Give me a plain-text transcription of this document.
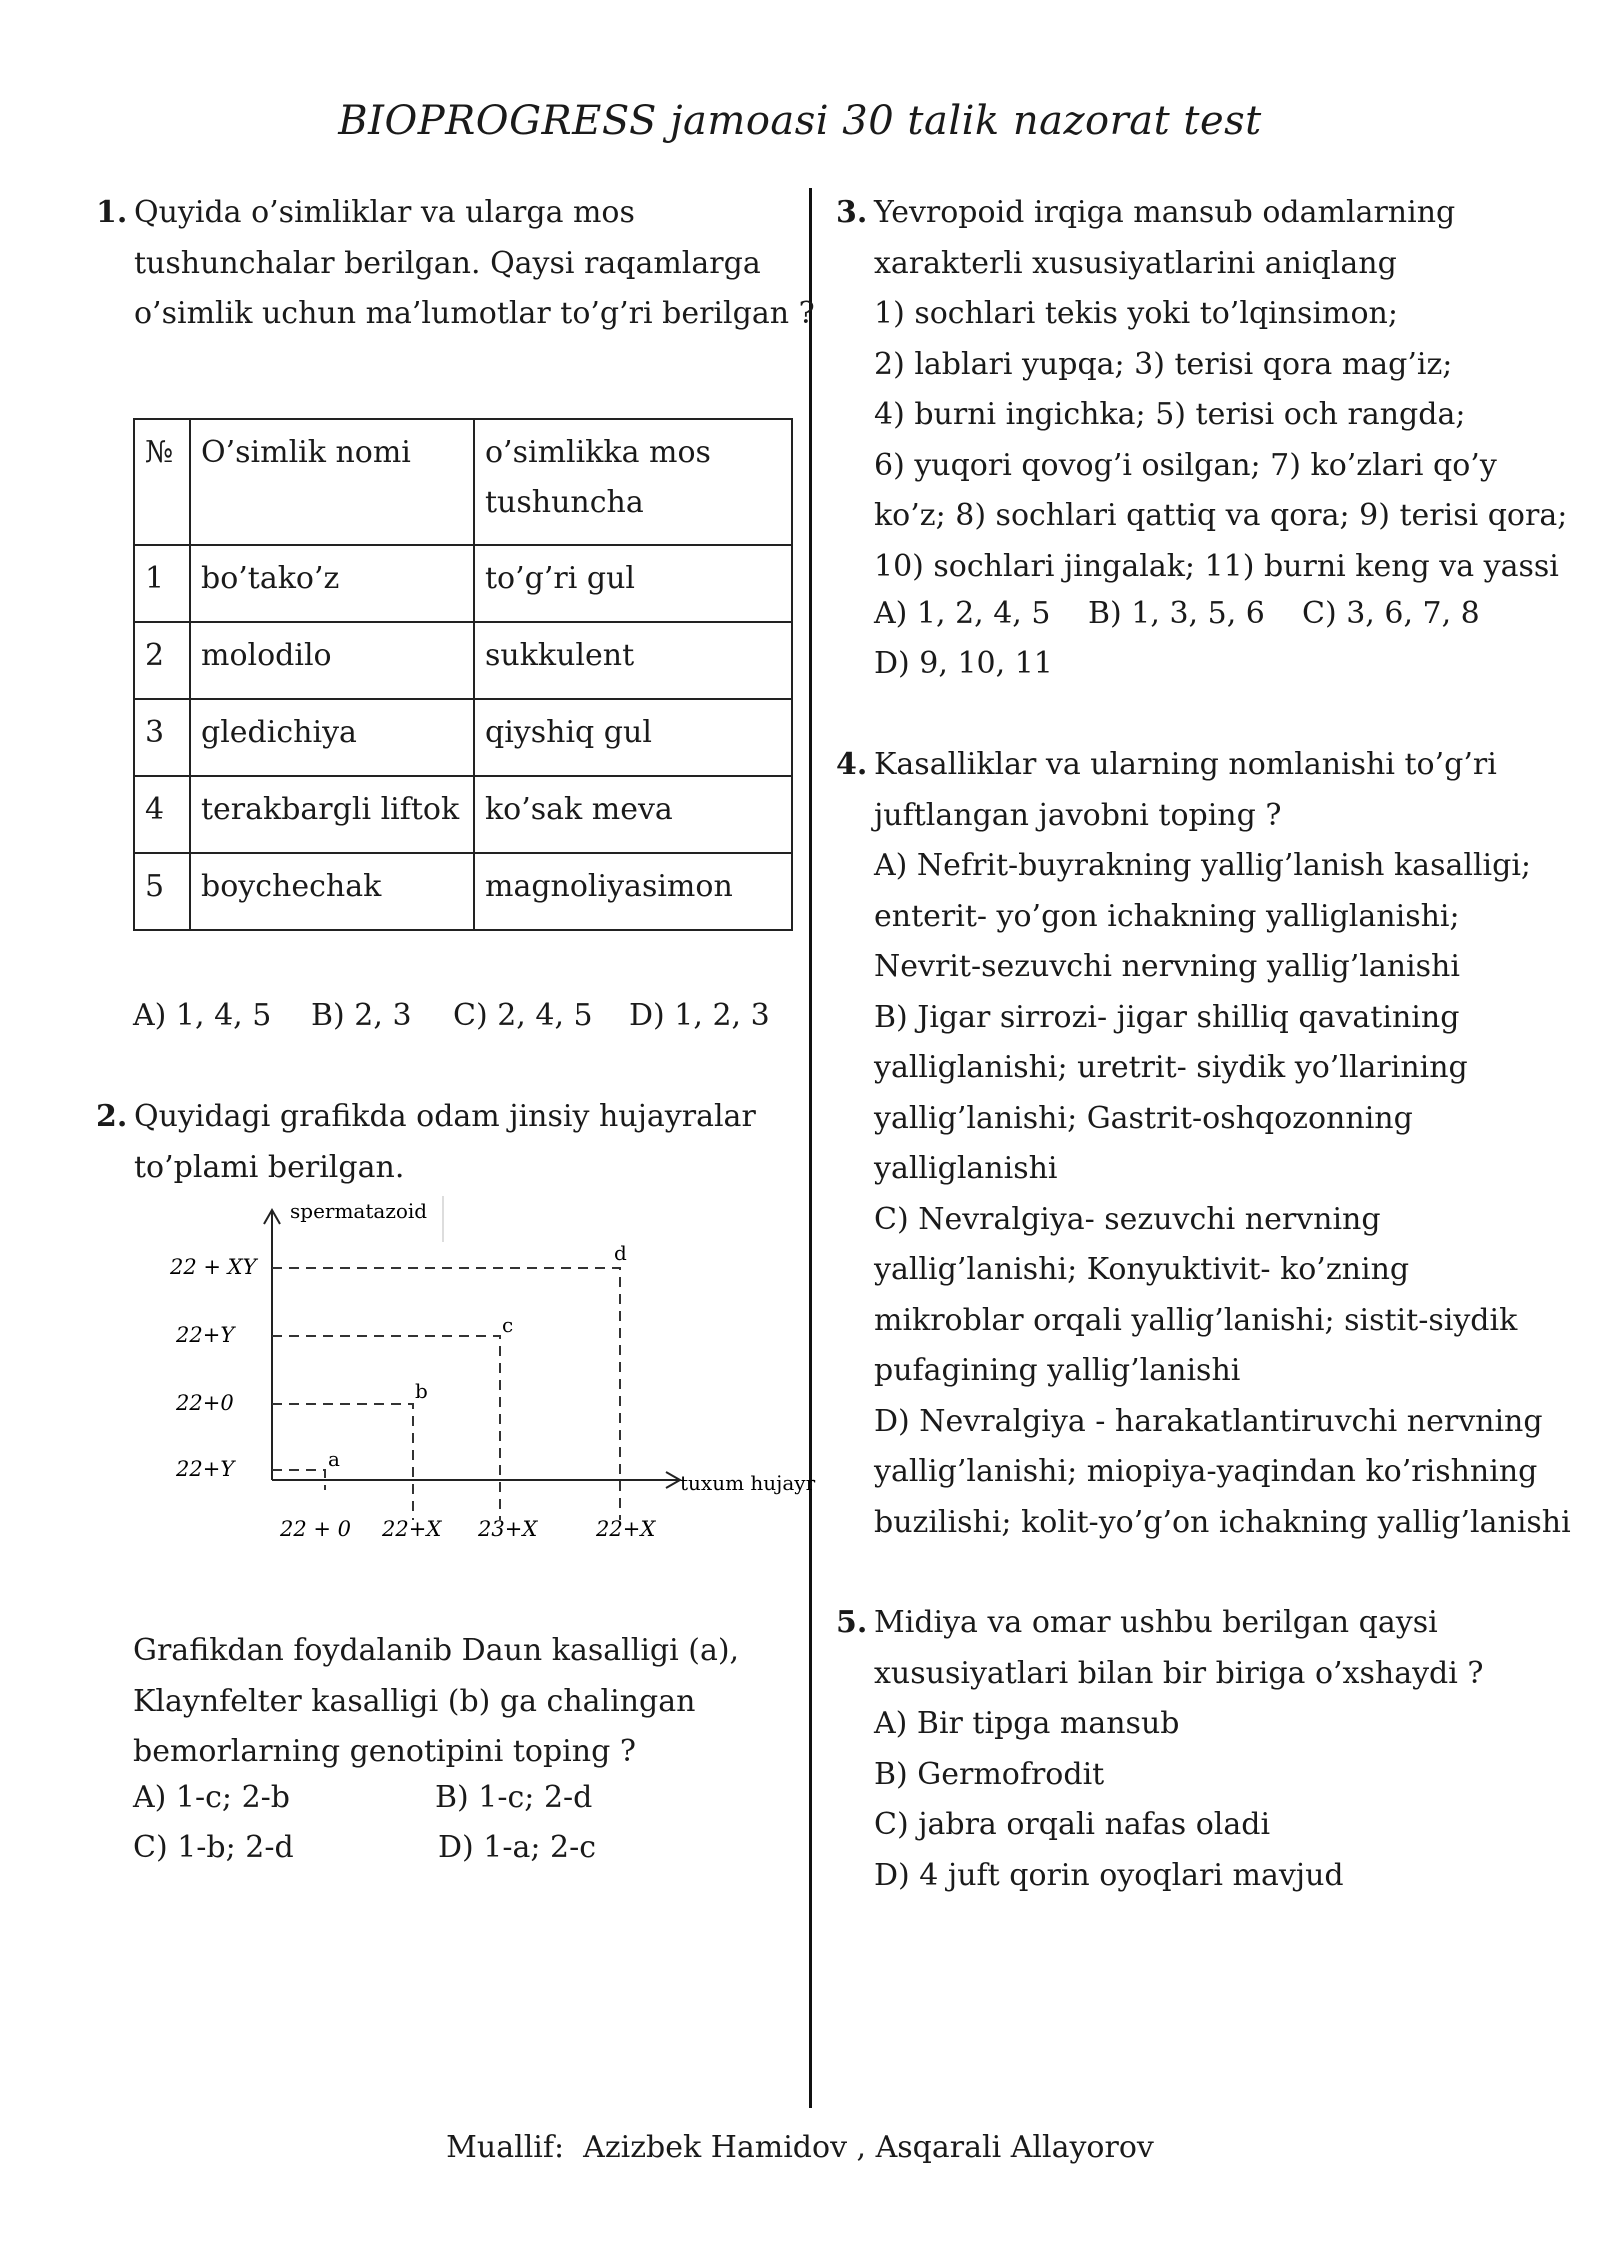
BIOPROGRESS jamoasi 30 talik nazorat test
1. Quyida o’simliklar va ularga mos
tushunchalar berilgan. Qaysi raqamlarga
o’simlik uchun ma’lumotlar to’g’ri berilgan ?
№	O’simlik nomi	o’simlikka mos
tushuncha
1	bo’tako’z	to’g’ri gul
2	molodilo	sukkulent
3	gledichiya	qiyshiq gul
4	terakbargli liftok	ko’sak meva
5	boychechak	magnoliyasimon
A) 1, 4, 5 B) 2, 3 C) 2, 4, 5 D) 1, 2, 3
2. Quyidagi grafikda odam jinsiy hujayralar
to’plami berilgan.
spermatazoid
tuxum hujayr
22 + XY
22+Y
22+0
22+Y
22 + 0 22+X 23+X	22+X
a
b
c
d
Grafikdan foydalanib Daun kasalligi (a),
Klaynfelter kasalligi (b) ga chalingan
bemorlarning genotipini toping ?
A) 1-c; 2-b	B) 1-c; 2-d
C) 1-b; 2-d	D) 1-a; 2-c
3. Yevropoid irqiga mansub odamlarning
xarakterli xususiyatlarini aniqlang
1) sochlari tekis yoki to’lqinsimon;
2) lablari yupqa; 3) terisi qora mag’iz;
4) burni ingichka; 5) terisi och rangda;
6) yuqori qovog’i osilgan; 7) ko’zlari qo’y
ko’z; 8) sochlari qattiq va qora; 9) terisi qora;
10) sochlari jingalak; 11) burni keng va yassi
A) 1, 2, 4, 5 B) 1, 3, 5, 6 C) 3, 6, 7, 8
D) 9, 10, 11
4. Kasalliklar va ularning nomlanishi to’g’ri
juftlangan javobni toping ?
A) Nefrit-buyrakning yallig’lanish kasalligi;
enterit- yo’gon ichakning yalliglanishi;
Nevrit-sezuvchi nervning yallig’lanishi
B) Jigar sirrozi- jigar shilliq qavatining
yalliglanishi; uretrit- siydik yo’llarining
yallig’lanishi; Gastrit-oshqozonning
yalliglanishi
C) Nevralgiya- sezuvchi nervning
yallig’lanishi; Konyuktivit- ko’zning
mikroblar orqali yallig’lanishi; sistit-siydik
pufagining yallig’lanishi
D) Nevralgiya - harakatlantiruvchi nervning
yallig’lanishi; miopiya-yaqindan ko’rishning
buzilishi; kolit-yo’g’on ichakning yallig’lanishi
5. Midiya va omar ushbu berilgan qaysi
xususiyatlari bilan bir biriga o’xshaydi ?
A) Bir tipga mansub
B) Germofrodit
C) jabra orqali nafas oladi
D) 4 juft qorin oyoqlari mavjud
Muallif:  Azizbek Hamidov , Asqarali Allayorov
